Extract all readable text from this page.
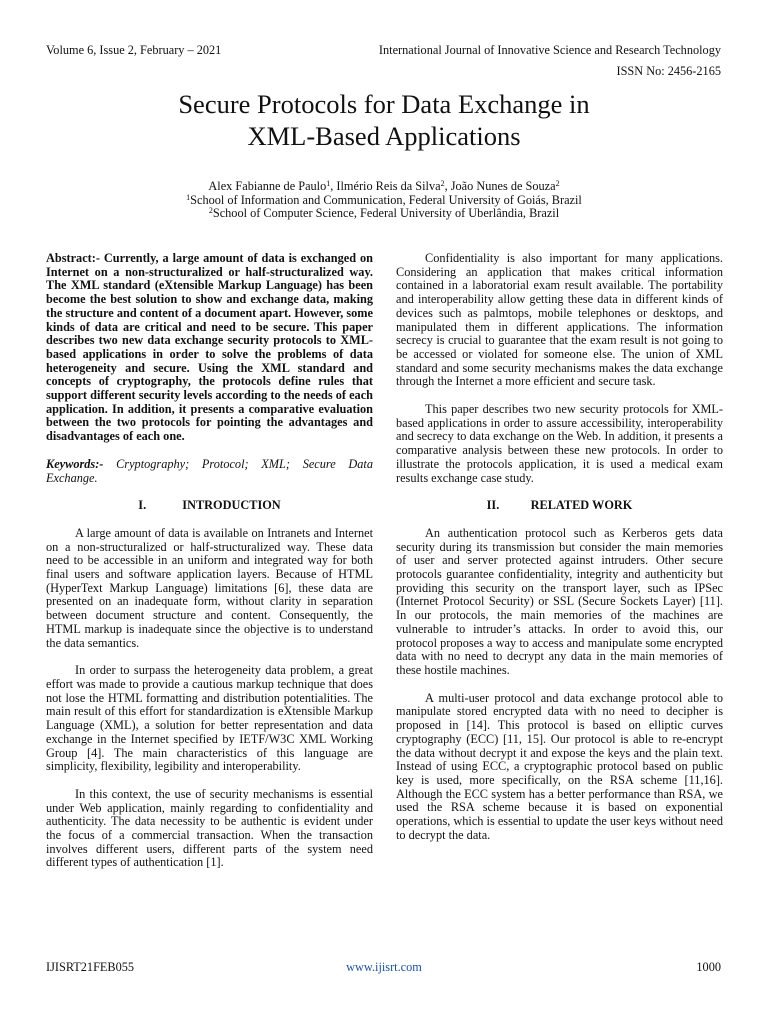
Volume 6, Issue 2, February – 2021	International Journal of Innovative Science and Research Technology
ISSN No: 2456-2165
Secure Protocols for Data Exchange in
XML-Based Applications
Alex Fabianne de Paulo$^1$, Ilmério Reis da Silva$^2$, João Nunes de Souza$^2$
$^1$School of Information and Communication, Federal University of Goiás, Brazil
$^2$School of Computer Science, Federal University of Uberlândia, Brazil

Abstract:- Currently, a large amount of data is exchanged on Internet on a non-structuralized or half-structuralized way. The XML standard (eXtensible Markup Language) has been become the best solution to show and exchange data, making the structure and content of a document apart. However, some kinds of data are critical and need to be secure. This paper describes two new data exchange security protocols to XML-based applications in order to solve the problems of data heterogeneity and secure. Using the XML standard and concepts of cryptography, the protocols define rules that support different security levels according to the needs of each application. In addition, it presents a comparative evaluation between the two protocols for pointing the advantages and disadvantages of each one.

Keywords:- Cryptography; Protocol; XML; Secure Data Exchange.

I.	INTRODUCTION

A large amount of data is available on Intranets and Internet on a non-structuralized or half-structuralized way. These data need to be accessible in an uniform and integrated way for both final users and software application layers. Because of HTML (HyperText Markup Language) limitations [6], these data are presented on an inadequate form, without clarity in separation between document structure and content. Consequently, the HTML markup is inadequate since the objective is to understand the data semantics.

In order to surpass the heterogeneity data problem, a great effort was made to provide a cautious markup technique that does not lose the HTML formatting and distribution potentialities. The main result of this effort for standardization is eXtensible Markup Language (XML), a solution for better representation and data exchange in the Internet specified by IETF/W3C XML Working Group [4]. The main characteristics of this language are simplicity, flexibility, legibility and interoperability.

In this context, the use of security mechanisms is essential under Web application, mainly regarding to confidentiality and authenticity. The data necessity to be authentic is evident under the focus of a commercial transaction. When the transaction involves different users, different parts of the system need different types of authentication [1].

Confidentiality is also important for many applications. Considering an application that makes critical information contained in a laboratorial exam result available. The portability and interoperability allow getting these data in different kinds of devices such as palmtops, mobile telephones or desktops, and manipulated them in different applications. The information secrecy is crucial to guarantee that the exam result is not going to be accessed or violated for someone else. The union of XML standard and some security mechanisms makes the data exchange through the Internet a more efficient and secure task.

This paper describes two new security protocols for XML-based applications in order to assure accessibility, interoperability and secrecy to data exchange on the Web. In addition, it presents a comparative analysis between these new protocols. In order to illustrate the protocols application, it is used a medical exam results exchange case study.

II.	RELATED WORK

An authentication protocol such as Kerberos gets data security during its transmission but consider the main memories of user and server protected against intruders. Other secure protocols guarantee confidentiality, integrity and authenticity but providing this security on the transport layer, such as IPSec (Internet Protocol Security) or SSL (Secure Sockets Layer) [11]. In our protocols, the main memories of the machines are vulnerable to intruder’s attacks. In order to avoid this, our protocol proposes a way to access and manipulate some encrypted data with no need to decrypt any data in the main memories of these hostile machines.

A multi-user protocol and data exchange protocol able to manipulate stored encrypted data with no need to decipher is proposed in [14]. This protocol is based on elliptic curves cryptography (ECC) [11, 15]. Our protocol is able to re-encrypt the data without decrypt it and expose the keys and the plain text. Instead of using ECC, a cryptographic protocol based on public key is used, more specifically, on the RSA scheme [11,16]. Although the ECC system has a better performance than RSA, we used the RSA scheme because it is based on exponential operations, which is essential to update the user keys without need to decrypt the data.

IJISRT21FEB055	www.ijisrt.com	1000
